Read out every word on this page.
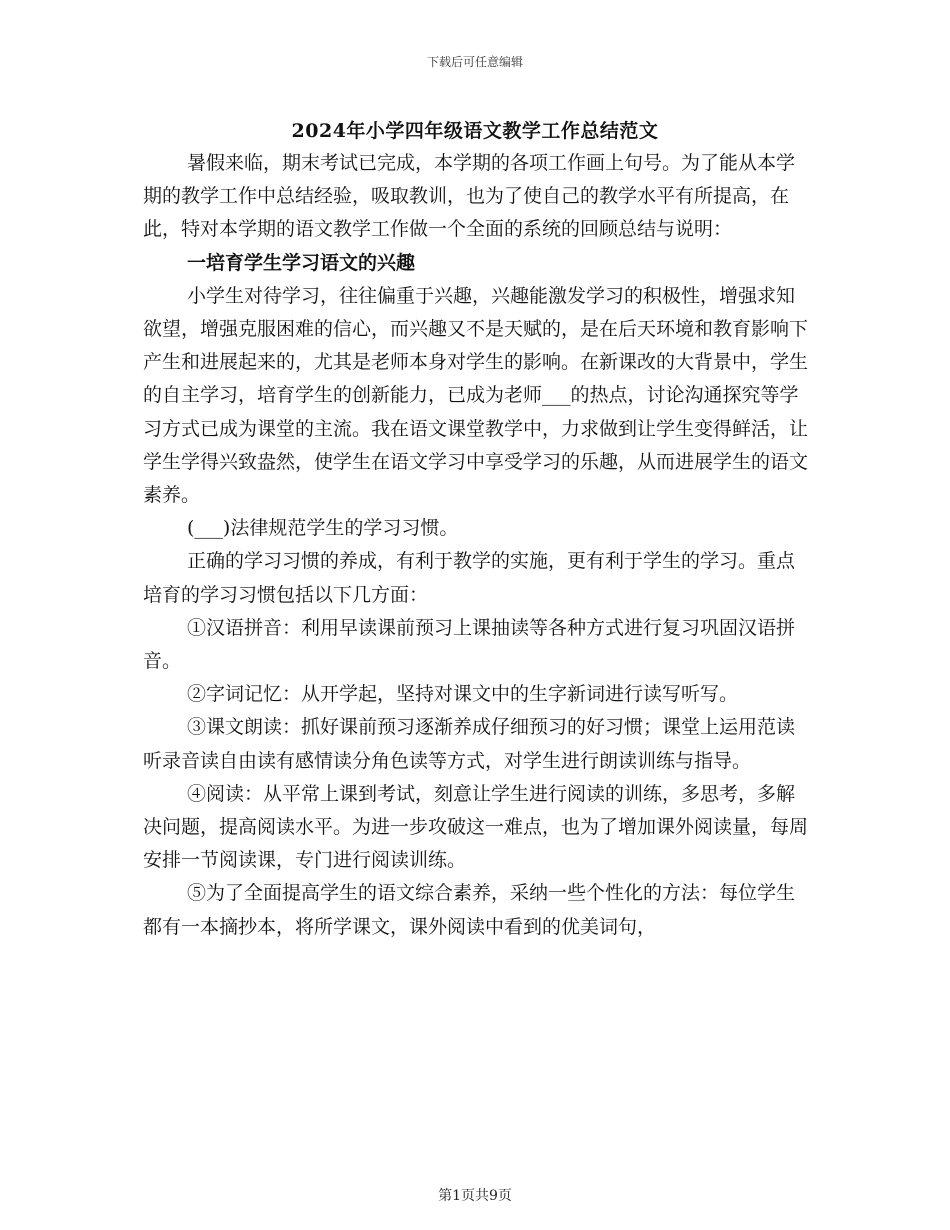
下载后可任意编辑
2024年小学四年级语文教学工作总结范文

暑假来临，期末考试已完成，本学期的各项工作画上句号。为了能从本学期的教学工作中总结经验，吸取教训，也为了使自己的教学水平有所提高，在此，特对本学期的语文教学工作做一个全面的系统的回顾总结与说明：

一培育学生学习语文的兴趣

小学生对待学习，往往偏重于兴趣，兴趣能激发学习的积极性，增强求知欲望，增强克服困难的信心，而兴趣又不是天赋的，是在后天环境和教育影响下产生和进展起来的，尤其是老师本身对学生的影响。在新课改的大背景中，学生的自主学习，培育学生的创新能力，已成为老师___的热点，讨论沟通探究等学习方式已成为课堂的主流。我在语文课堂教学中，力求做到让学生变得鲜活，让学生学得兴致盎然，使学生在语文学习中享受学习的乐趣，从而进展学生的语文素养。

(___)法律规范学生的学习习惯。

正确的学习习惯的养成，有利于教学的实施，更有利于学生的学习。重点培育的学习习惯包括以下几方面：

①汉语拼音：利用早读课前预习上课抽读等各种方式进行复习巩固汉语拼音。

②字词记忆：从开学起，坚持对课文中的生字新词进行读写听写。

③课文朗读：抓好课前预习逐渐养成仔细预习的好习惯；课堂上运用范读听录音读自由读有感情读分角色读等方式，对学生进行朗读训练与指导。

④阅读：从平常上课到考试，刻意让学生进行阅读的训练，多思考，多解决问题，提高阅读水平。为进一步攻破这一难点，也为了增加课外阅读量，每周安排一节阅读课，专门进行阅读训练。

⑤为了全面提高学生的语文综合素养，采纳一些个性化的方法：每位学生都有一本摘抄本，将所学课文，课外阅读中看到的优美词句，

第1页共9页
